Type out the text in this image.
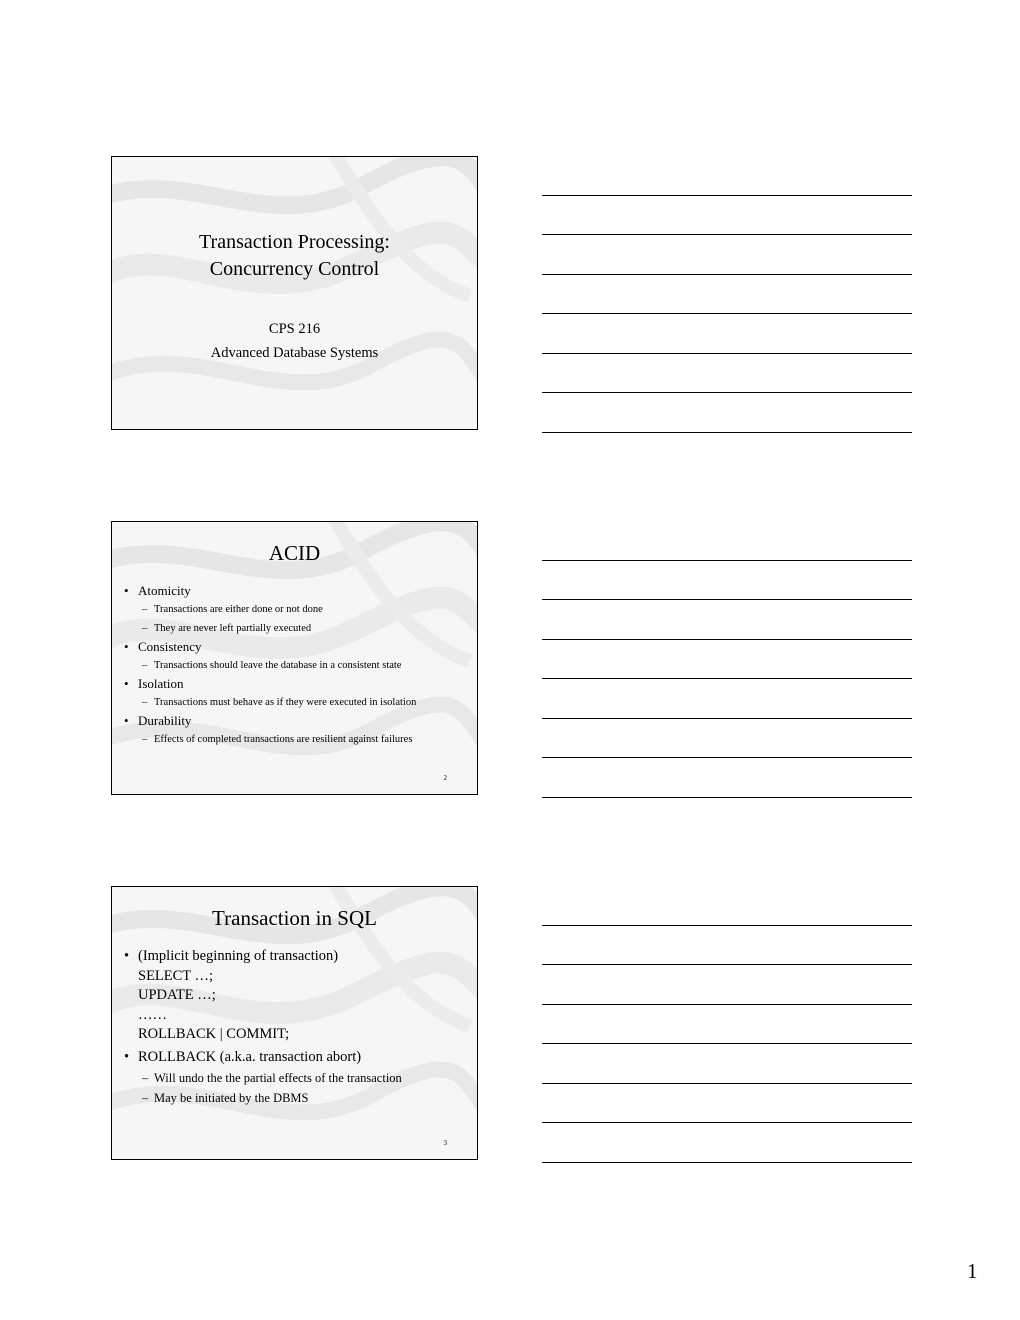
Transaction Processing:
Concurrency Control
CPS 216
Advanced Database Systems
ACID
• Atomicity
– Transactions are either done or not done
– They are never left partially executed
• Consistency
– Transactions should leave the database in a consistent state
• Isolation
– Transactions must behave as if they were executed in isolation
• Durability
– Effects of completed transactions are resilient against failures
2
Transaction in SQL
• (Implicit beginning of transaction)
SELECT …;
UPDATE …;
……
ROLLBACK | COMMIT;
• ROLLBACK (a.k.a. transaction abort)
– Will undo the the partial effects of the transaction
– May be initiated by the DBMS
3
1
